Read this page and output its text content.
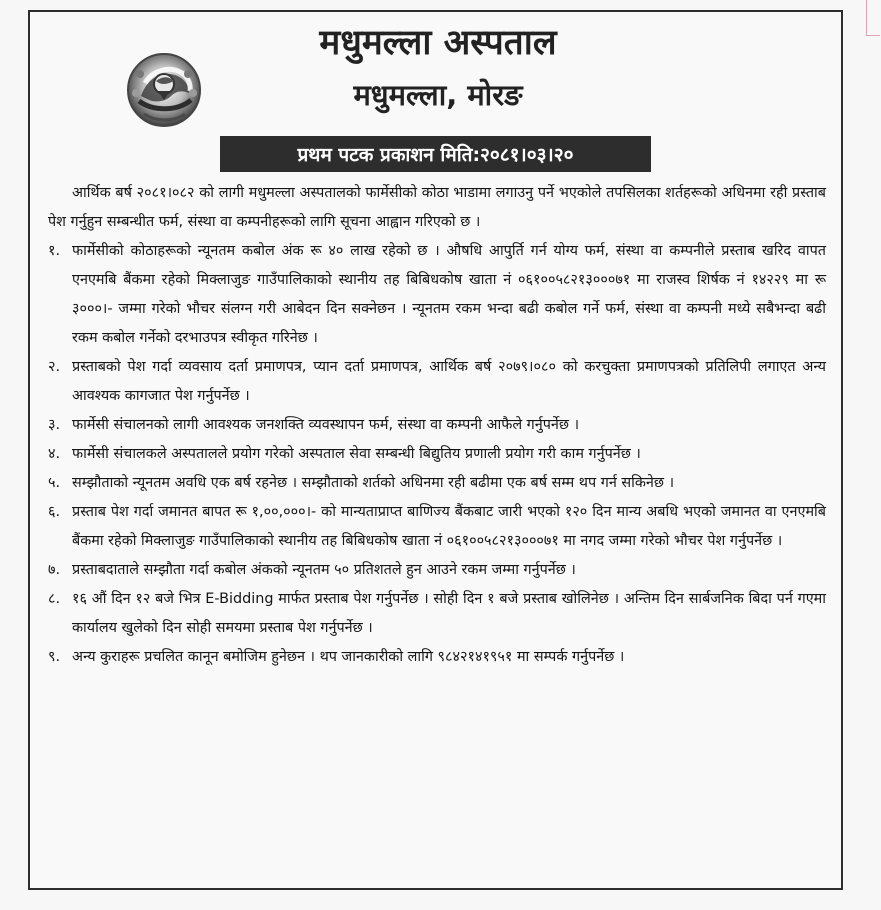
मधुमल्ला अस्पताल
मधुमल्ला, मोरङ
प्रथम पटक प्रकाशन मिति:२०८१।०३।२०

आर्थिक बर्ष २०८१।०८२ को लागी मधुमल्ला अस्पतालको फार्मेसीको कोठा भाडामा लगाउनु पर्ने भएकोले तपसिलका शर्तहरूको अधिनमा रही प्रस्ताब पेश गर्नुहुन सम्बन्धीत फर्म, संस्था वा कम्पनीहरूको लागि सूचना आह्वान गरिएको छ ।

१. फार्मेसीको कोठाहरूको न्यूनतम कबोल अंक रू ४० लाख रहेको छ । औषधि आपुर्ति गर्न योग्य फर्म, संस्था वा कम्पनीले प्रस्ताब खरिद वापत एनएमबि बैंकमा रहेको मिक्लाजुङ गाउँपालिकाको स्थानीय तह बिबिधकोष खाता नं ०६१००५८२१३०००७१ मा राजस्व शिर्षक नं १४२२९ मा रू ३०००।- जम्मा गरेको भौचर संलग्न गरी आबेदन दिन सक्नेछन । न्यूनतम रकम भन्दा बढी कबोल गर्ने फर्म, संस्था वा कम्पनी मध्ये सबैभन्दा बढी रकम कबोल गर्नेको दरभाउपत्र स्वीकृत गरिनेछ ।
२. प्रस्ताबको पेश गर्दा व्यवसाय दर्ता प्रमाणपत्र, प्यान दर्ता प्रमाणपत्र, आर्थिक बर्ष २०७९।०८० को करचुक्ता प्रमाणपत्रको प्रतिलिपी लगाएत अन्य आवश्यक कागजात पेश गर्नुपर्नेछ ।
३. फार्मेसी संचालनको लागी आवश्यक जनशक्ति व्यवस्थापन फर्म, संस्था वा कम्पनी आफैले गर्नुपर्नेछ ।
४. फार्मेसी संचालकले अस्पतालले प्रयोग गरेको अस्पताल सेवा सम्बन्धी बिद्युतिय प्रणाली प्रयोग गरी काम गर्नुपर्नेछ ।
५. सम्झौताको न्यूनतम अवधि एक बर्ष रहनेछ । सम्झौताको शर्तको अधिनमा रही बढीमा एक बर्ष सम्म थप गर्न सकिनेछ ।
६. प्रस्ताब पेश गर्दा जमानत बापत रू १,००,०००।- को मान्यताप्राप्त बाणिज्य बैंकबाट जारी भएको १२० दिन मान्य अबधि भएको जमानत वा एनएमबि बैंकमा रहेको मिक्लाजुङ गाउँपालिकाको स्थानीय तह बिबिधकोष खाता नं ०६१००५८२१३०००७१ मा नगद जम्मा गरेको भौचर पेश गर्नुपर्नेछ ।
७. प्रस्ताबदाताले सम्झौता गर्दा कबोल अंकको न्यूनतम ५० प्रतिशतले हुन आउने रकम जम्मा गर्नुपर्नेछ ।
८. १६ औं दिन १२ बजे भित्र E-Bidding मार्फत प्रस्ताब पेश गर्नुपर्नेछ । सोही दिन १ बजे प्रस्ताब खोलिनेछ । अन्तिम दिन सार्बजनिक बिदा पर्न गएमा कार्यालय खुलेको दिन सोही समयमा प्रस्ताब पेश गर्नुपर्नेछ ।
९. अन्य कुराहरू प्रचलित कानून बमोजिम हुनेछन । थप जानकारीको लागि ९८४२१४१९५१ मा सम्पर्क गर्नुपर्नेछ ।
